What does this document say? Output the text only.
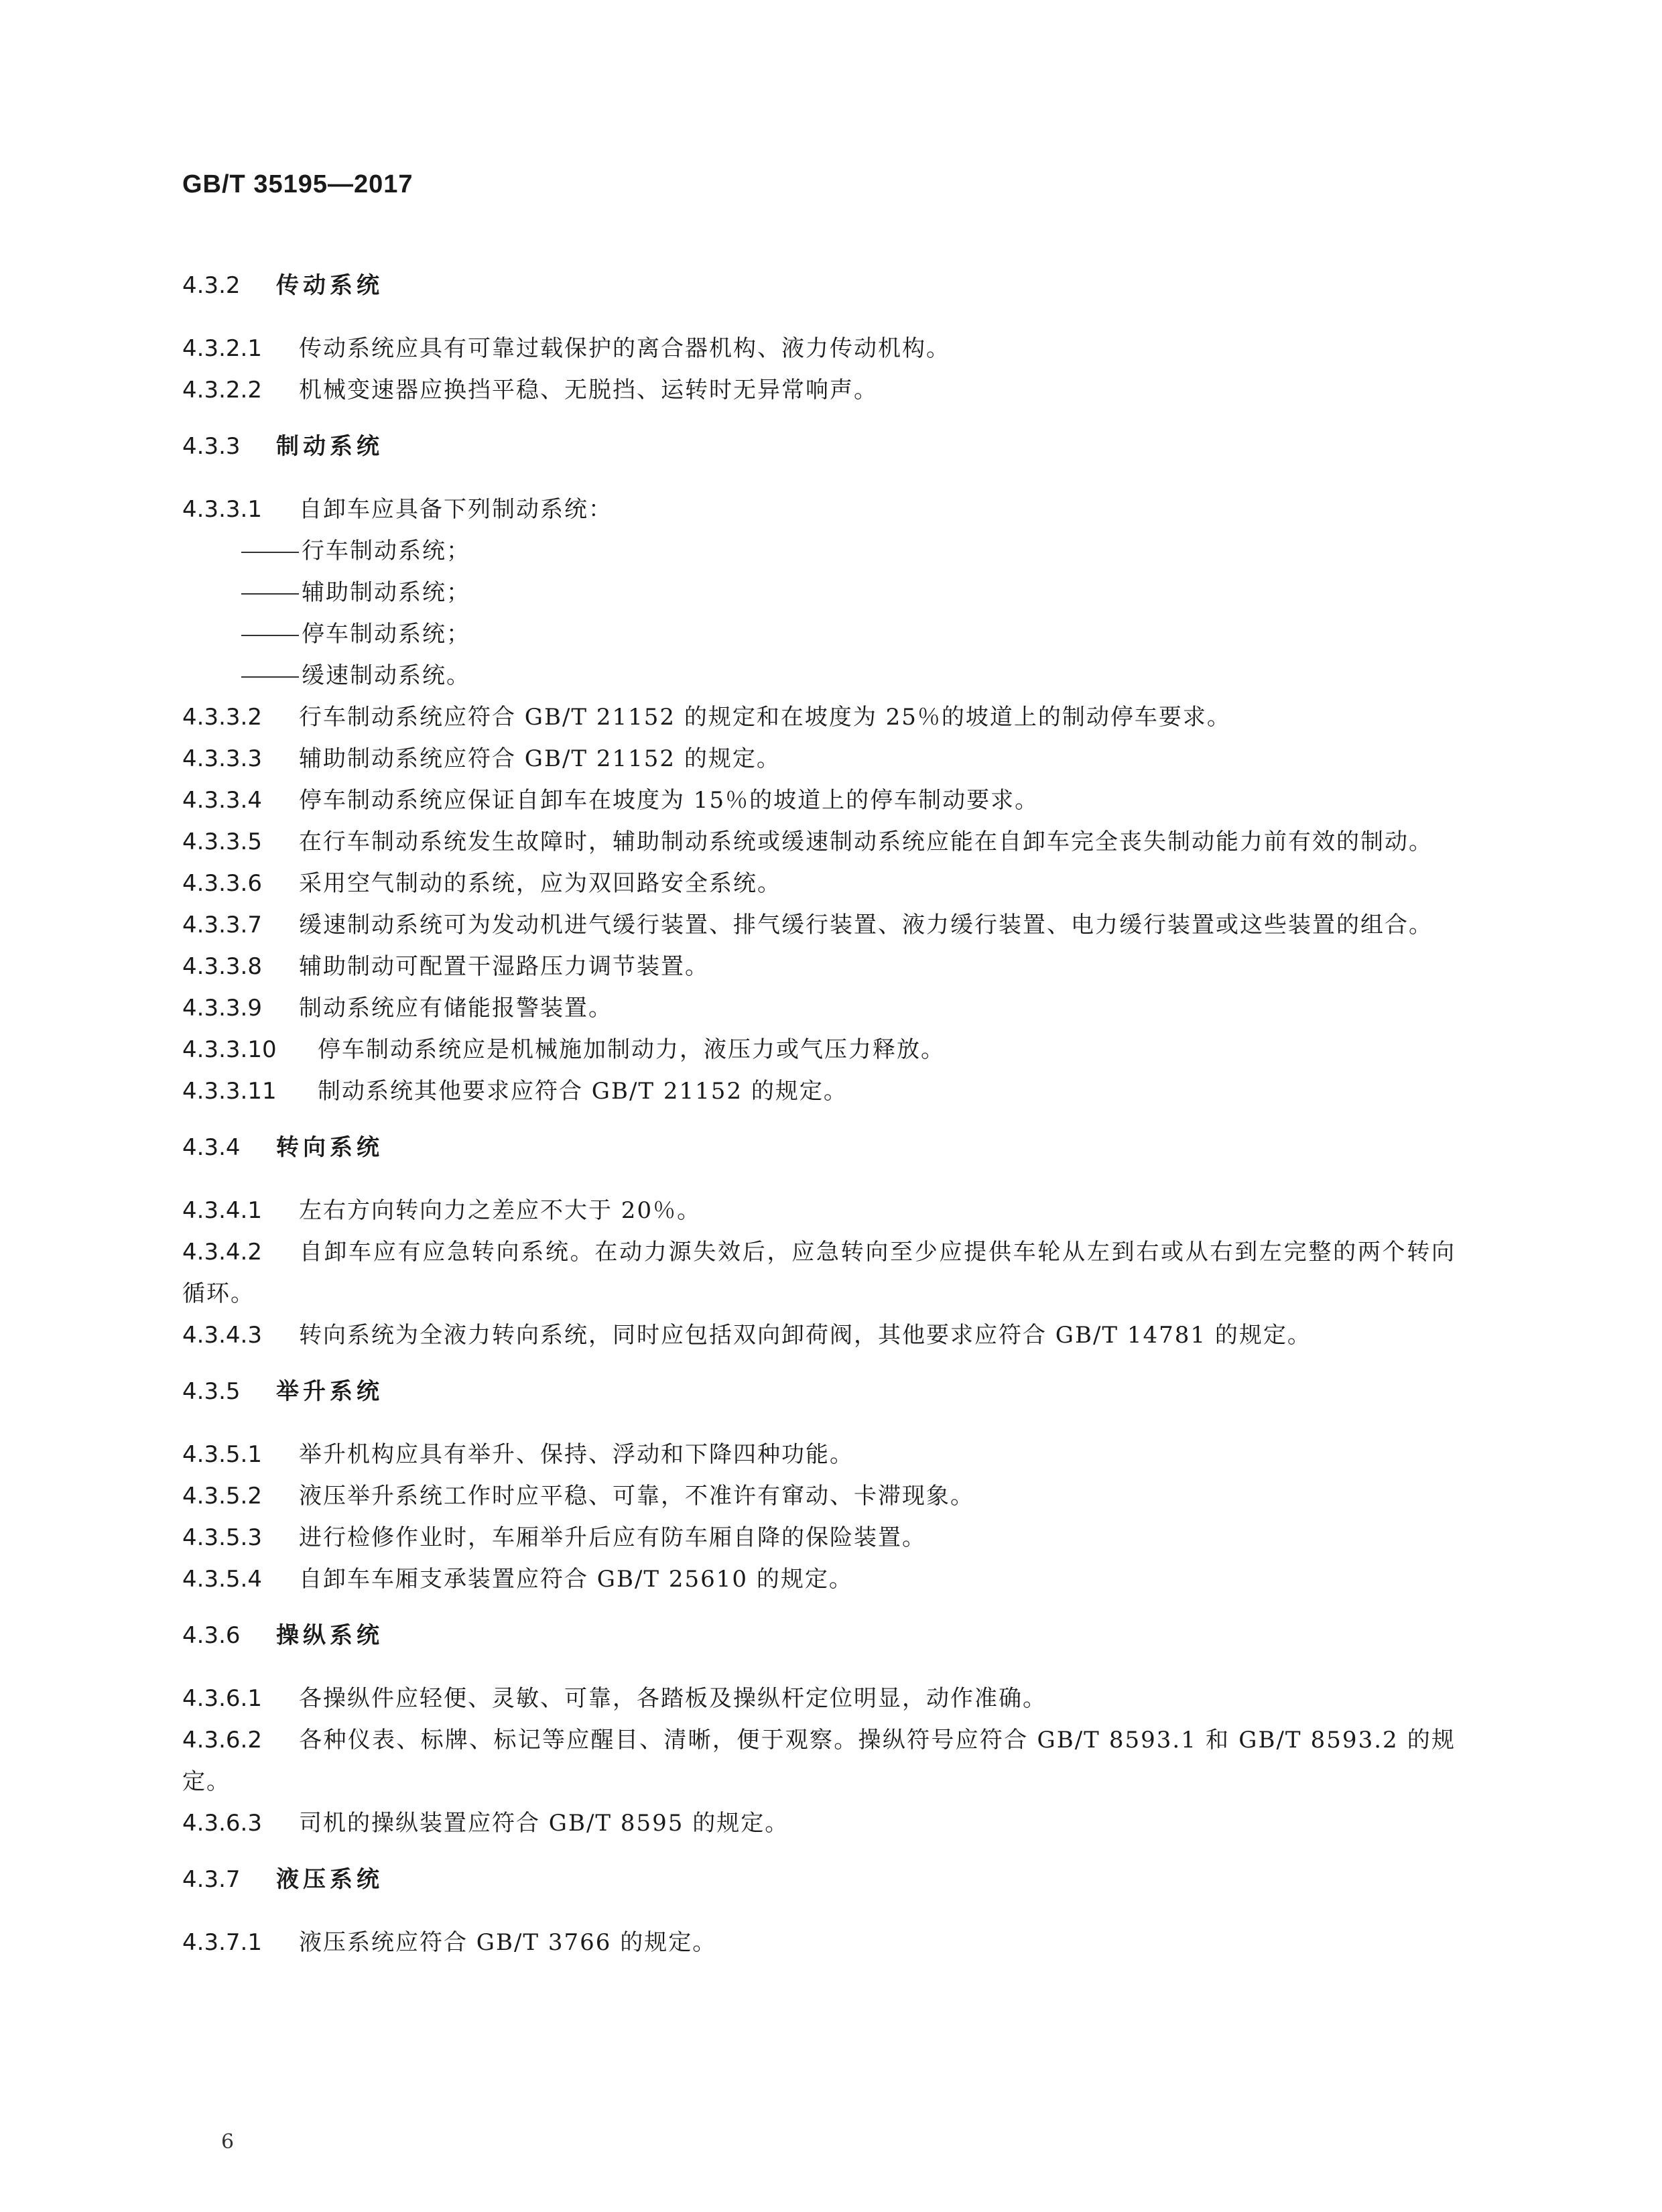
GB/T 35195—2017
4.3.2 传动系统

4.3.2.1 传动系统应具有可靠过载保护的离合器机构、液力传动机构。

4.3.2.2 机械变速器应换挡平稳、无脱挡、运转时无异常响声。

4.3.3 制动系统

4.3.3.1 自卸车应具备下列制动系统：

行车制动系统；

辅助制动系统；

停车制动系统；

缓速制动系统。

4.3.3.2 行车制动系统应符合 GB/T 21152 的规定和在坡度为 25％的坡道上的制动停车要求。

4.3.3.3 辅助制动系统应符合 GB/T 21152 的规定。

4.3.3.4 停车制动系统应保证自卸车在坡度为 15％的坡道上的停车制动要求。

4.3.3.5 在行车制动系统发生故障时，辅助制动系统或缓速制动系统应能在自卸车完全丧失制动能力前有效的制动。

4.3.3.6 采用空气制动的系统，应为双回路安全系统。

4.3.3.7 缓速制动系统可为发动机进气缓行装置、排气缓行装置、液力缓行装置、电力缓行装置或这些装置的组合。

4.3.3.8 辅助制动可配置干湿路压力调节装置。

4.3.3.9 制动系统应有储能报警装置。

4.3.3.10 停车制动系统应是机械施加制动力，液压力或气压力释放。

4.3.3.11 制动系统其他要求应符合 GB/T 21152 的规定。

4.3.4 转向系统

4.3.4.1 左右方向转向力之差应不大于 20％。

4.3.4.2 自卸车应有应急转向系统。在动力源失效后，应急转向至少应提供车轮从左到右或从右到左完整的两个转向循环。

4.3.4.3 转向系统为全液力转向系统，同时应包括双向卸荷阀，其他要求应符合 GB/T 14781 的规定。

4.3.5 举升系统

4.3.5.1 举升机构应具有举升、保持、浮动和下降四种功能。

4.3.5.2 液压举升系统工作时应平稳、可靠，不准许有窜动、卡滞现象。

4.3.5.3 进行检修作业时，车厢举升后应有防车厢自降的保险装置。

4.3.5.4 自卸车车厢支承装置应符合 GB/T 25610 的规定。

4.3.6 操纵系统

4.3.6.1 各操纵件应轻便、灵敏、可靠，各踏板及操纵杆定位明显，动作准确。

4.3.6.2 各种仪表、标牌、标记等应醒目、清晰，便于观察。操纵符号应符合 GB/T 8593.1 和 GB/T 8593.2 的规定。

4.3.6.3 司机的操纵装置应符合 GB/T 8595 的规定。

4.3.7 液压系统

4.3.7.1 液压系统应符合 GB/T 3766 的规定。

6
